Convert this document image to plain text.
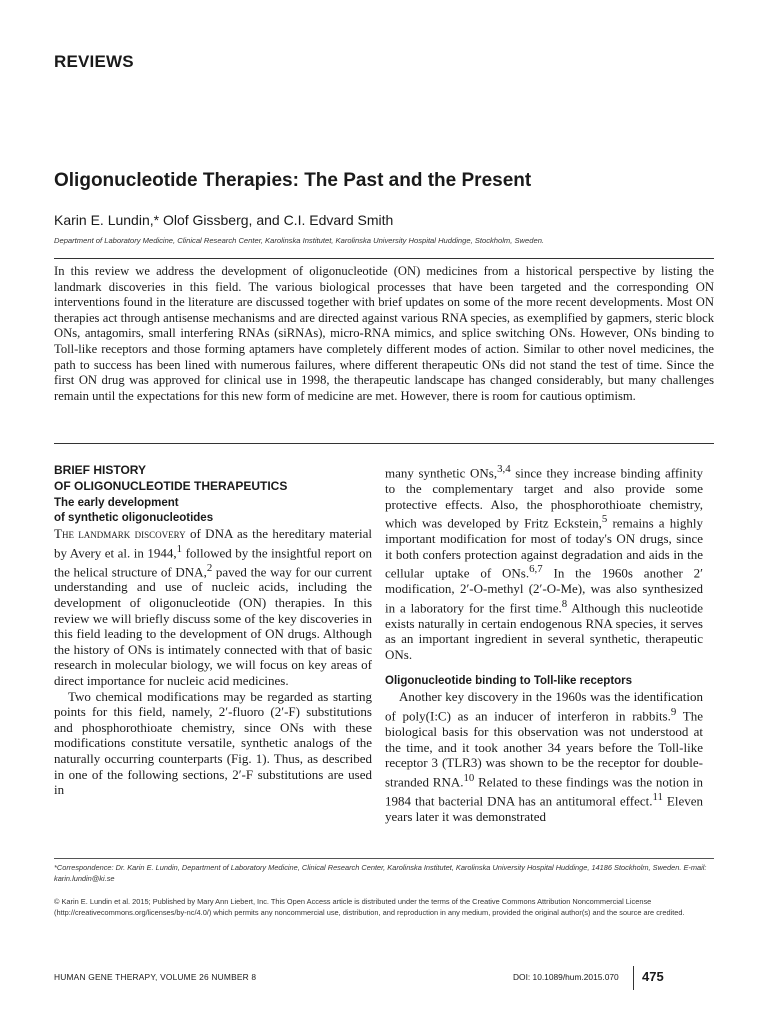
REVIEWS
Oligonucleotide Therapies: The Past and the Present
Karin E. Lundin,* Olof Gissberg, and C.I. Edvard Smith
Department of Laboratory Medicine, Clinical Research Center, Karolinska Institutet, Karolinska University Hospital Huddinge, Stockholm, Sweden.
In this review we address the development of oligonucleotide (ON) medicines from a historical perspective by listing the landmark discoveries in this field. The various biological processes that have been targeted and the corresponding ON interventions found in the literature are discussed together with brief updates on some of the more recent developments. Most ON therapies act through antisense mechanisms and are directed against various RNA species, as exemplified by gapmers, steric block ONs, antagomirs, small interfering RNAs (siRNAs), micro-RNA mimics, and splice switching ONs. However, ONs binding to Toll-like receptors and those forming aptamers have completely different modes of action. Similar to other novel medicines, the path to success has been lined with numerous failures, where different therapeutic ONs did not stand the test of time. Since the first ON drug was approved for clinical use in 1998, the therapeutic landscape has changed considerably, but many challenges remain until the expectations for this new form of medicine are met. However, there is room for cautious optimism.
BRIEF HISTORY
OF OLIGONUCLEOTIDE THERAPEUTICS
The early development
of synthetic oligonucleotides

The landmark discovery of DNA as the hereditary material by Avery et al. in 1944,$^1$ followed by the insightful report on the helical structure of DNA,$^2$ paved the way for our current understanding and use of nucleic acids, including the development of oligonucleotide (ON) therapies. In this review we will briefly discuss some of the key discoveries in this field leading to the development of ON drugs. Although the history of ONs is intimately connected with that of basic research in molecular biology, we will focus on key areas of direct importance for nucleic acid medicines.

Two chemical modifications may be regarded as starting points for this field, namely, 2′-fluoro (2′-F) substitutions and phosphorothioate chemistry, since ONs with these modifications constitute versatile, synthetic analogs of the naturally occurring counterparts (Fig. 1). Thus, as described in one of the following sections, 2′-F substitutions are used in

many synthetic ONs,$^{3,4}$ since they increase binding affinity to the complementary target and also provide some protective effects. Also, the phosphorothioate chemistry, which was developed by Fritz Eckstein,$^5$ remains a highly important modification for most of today's ON drugs, since it both confers protection against degradation and aids in the cellular uptake of ONs.$^{6,7}$ In the 1960s another 2′ modification, 2′-O-methyl (2′-O-Me), was also synthesized in a laboratory for the first time.$^8$ Although this nucleotide exists naturally in certain endogenous RNA species, it serves as an important ingredient in several synthetic, therapeutic ONs.

Oligonucleotide binding to Toll-like receptors

Another key discovery in the 1960s was the identification of poly(I:C) as an inducer of interferon in rabbits.$^9$ The biological basis for this observation was not understood at the time, and it took another 34 years before the Toll-like receptor 3 (TLR3) was shown to be the receptor for double-stranded RNA.$^{10}$ Related to these findings was the notion in 1984 that bacterial DNA has an antitumoral effect.$^{11}$ Eleven years later it was demonstrated

*Correspondence: Dr. Karin E. Lundin, Department of Laboratory Medicine, Clinical Research Center, Karolinska Institutet, Karolinska University Hospital Huddinge, 14186 Stockholm, Sweden. E-mail: karin.lundin@ki.se
© Karin E. Lundin et al. 2015; Published by Mary Ann Liebert, Inc. This Open Access article is distributed under the terms of the Creative Commons Attribution Noncommercial License (http://creativecommons.org/licenses/by-nc/4.0/) which permits any noncommercial use, distribution, and reproduction in any medium, provided the original author(s) and the source are credited.
HUMAN GENE THERAPY, VOLUME 26 NUMBER 8	DOI: 10.1089/hum.2015.070 475
